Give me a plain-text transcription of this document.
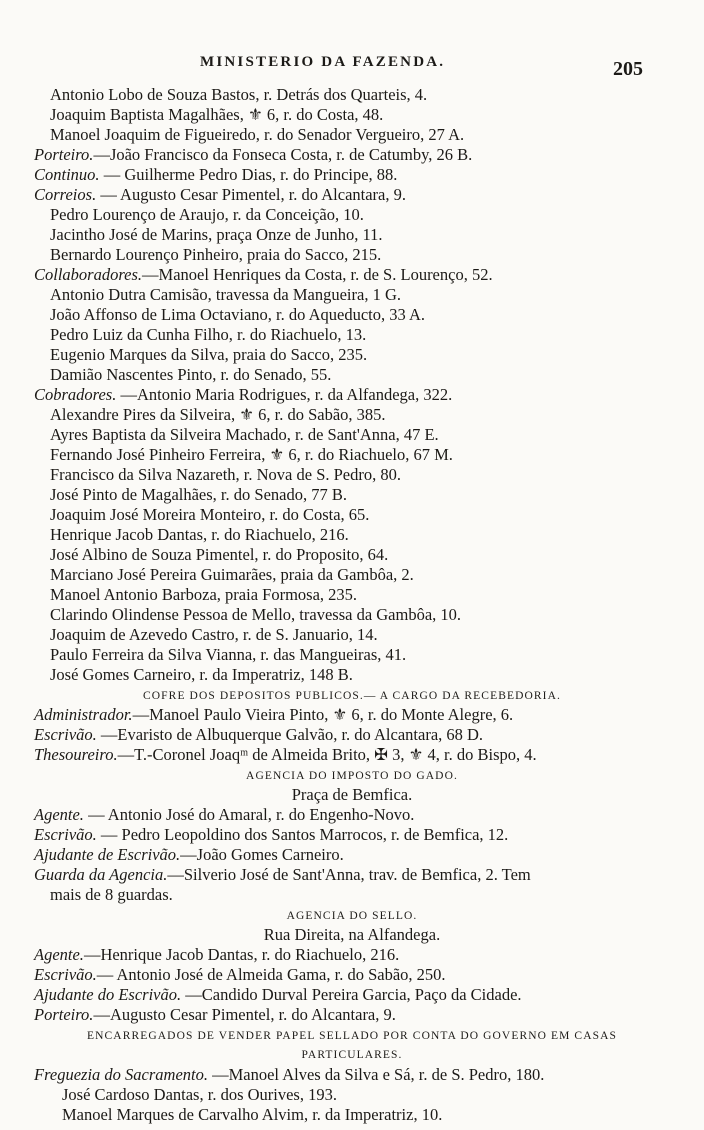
MINISTERIO DA FAZENDA.	205
Antonio Lobo de Souza Bastos, r. Detrás dos Quarteis, 4.
Joaquim Baptista Magalhães, ⚜ 6, r. do Costa, 48.
Manoel Joaquim de Figueiredo, r. do Senador Vergueiro, 27 A.
Porteiro.—João Francisco da Fonseca Costa, r. de Catumby, 26 B.
Continuo. — Guilherme Pedro Dias, r. do Principe, 88.
Correios. — Augusto Cesar Pimentel, r. do Alcantara, 9.
Pedro Lourenço de Araujo, r. da Conceição, 10.
Jacintho José de Marins, praça Onze de Junho, 11.
Bernardo Lourenço Pinheiro, praia do Sacco, 215.
Collaboradores.—Manoel Henriques da Costa, r. de S. Lourenço, 52.
Antonio Dutra Camisão, travessa da Mangueira, 1 G.
João Affonso de Lima Octaviano, r. do Aqueducto, 33 A.
Pedro Luiz da Cunha Filho, r. do Riachuelo, 13.
Eugenio Marques da Silva, praia do Sacco, 235.
Damião Nascentes Pinto, r. do Senado, 55.
Cobradores. —Antonio Maria Rodrigues, r. da Alfandega, 322.
Alexandre Pires da Silveira, ⚜ 6, r. do Sabão, 385.
Ayres Baptista da Silveira Machado, r. de Sant'Anna, 47 E.
Fernando José Pinheiro Ferreira, ⚜ 6, r. do Riachuelo, 67 M.
Francisco da Silva Nazareth, r. Nova de S. Pedro, 80.
José Pinto de Magalhães, r. do Senado, 77 B.
Joaquim José Moreira Monteiro, r. do Costa, 65.
Henrique Jacob Dantas, r. do Riachuelo, 216.
José Albino de Souza Pimentel, r. do Proposito, 64.
Marciano José Pereira Guimarães, praia da Gambôa, 2.
Manoel Antonio Barboza, praia Formosa, 235.
Clarindo Olindense Pessoa de Mello, travessa da Gambôa, 10.
Joaquim de Azevedo Castro, r. de S. Januario, 14.
Paulo Ferreira da Silva Vianna, r. das Mangueiras, 41.
José Gomes Carneiro, r. da Imperatriz, 148 B.
COFRE DOS DEPOSITOS PUBLICOS.— A CARGO DA RECEBEDORIA.
Administrador.—Manoel Paulo Vieira Pinto, ⚜ 6, r. do Monte Alegre, 6.
Escrivão. —Evaristo de Albuquerque Galvão, r. do Alcantara, 68 D.
Thesoureiro.—T.-Coronel Joaqᵐ de Almeida Brito, ✠ 3, ⚜ 4, r. do Bispo, 4.
AGENCIA DO IMPOSTO DO GADO.
Praça de Bemfica.
Agente. — Antonio José do Amaral, r. do Engenho-Novo.
Escrivão. — Pedro Leopoldino dos Santos Marrocos, r. de Bemfica, 12.
Ajudante de Escrivão.—João Gomes Carneiro.
Guarda da Agencia.—Silverio José de Sant'Anna, trav. de Bemfica, 2. Tem
mais de 8 guardas.
AGENCIA DO SELLO.
Rua Direita, na Alfandega.
Agente.—Henrique Jacob Dantas, r. do Riachuelo, 216.
Escrivão.— Antonio José de Almeida Gama, r. do Sabão, 250.
Ajudante do Escrivão. —Candido Durval Pereira Garcia, Paço da Cidade.
Porteiro.—Augusto Cesar Pimentel, r. do Alcantara, 9.
ENCARREGADOS DE VENDER PAPEL SELLADO POR CONTA DO GOVERNO EM CASAS
PARTICULARES.
Freguezia do Sacramento. —Manoel Alves da Silva e Sá, r. de S. Pedro, 180.
José Cardoso Dantas, r. dos Ourives, 193.
Manoel Marques de Carvalho Alvim, r. da Imperatriz, 10.
